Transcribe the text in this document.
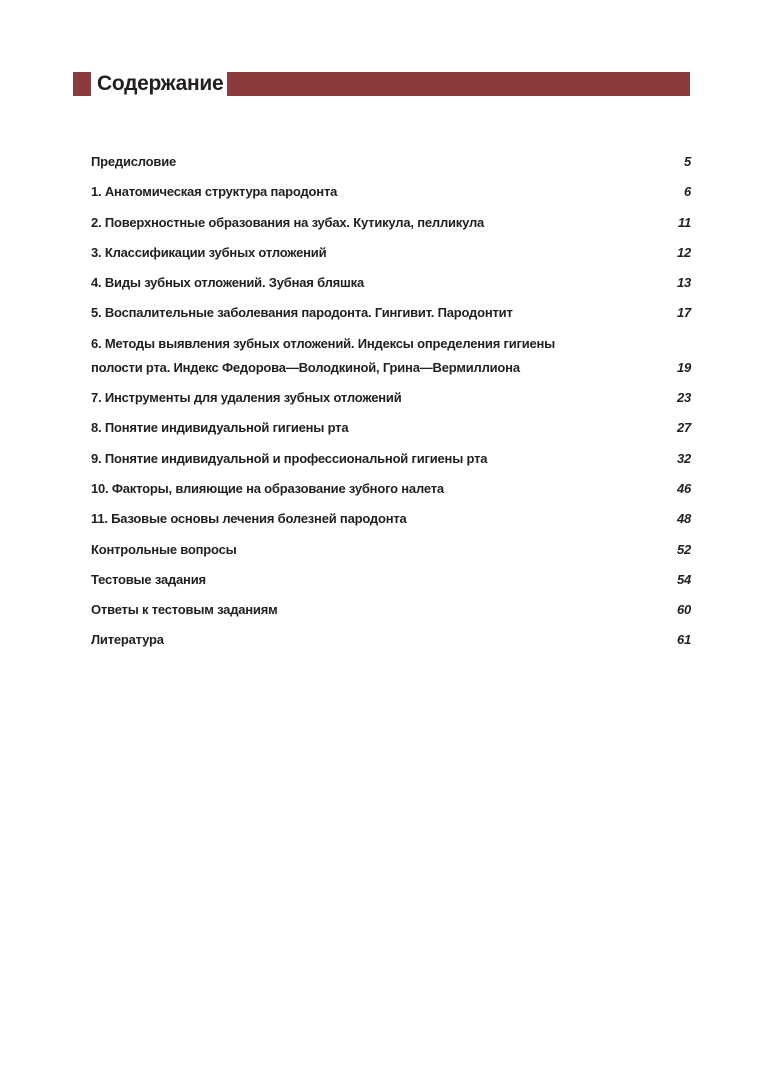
Содержание
Предисловие	5
1. Анатомическая структура пародонта	6
2. Поверхностные образования на зубах. Кутикула, пелликула	11
3. Классификации зубных отложений	12
4. Виды зубных отложений. Зубная бляшка	13
5. Воспалительные заболевания пародонта. Гингивит. Пародонтит	17
6. Методы выявления зубных отложений. Индексы определения гигиены
полости рта. Индекс Федорова—Володкиной, Грина—Вермиллиона	19
7. Инструменты для удаления зубных отложений	23
8. Понятие индивидуальной гигиены рта	27
9. Понятие индивидуальной и профессиональной гигиены рта	32
10. Факторы, влияющие на образование зубного налета	46
11. Базовые основы лечения болезней пародонта	48
Контрольные вопросы	52
Тестовые задания	54
Ответы к тестовым заданиям	60
Литература	61
